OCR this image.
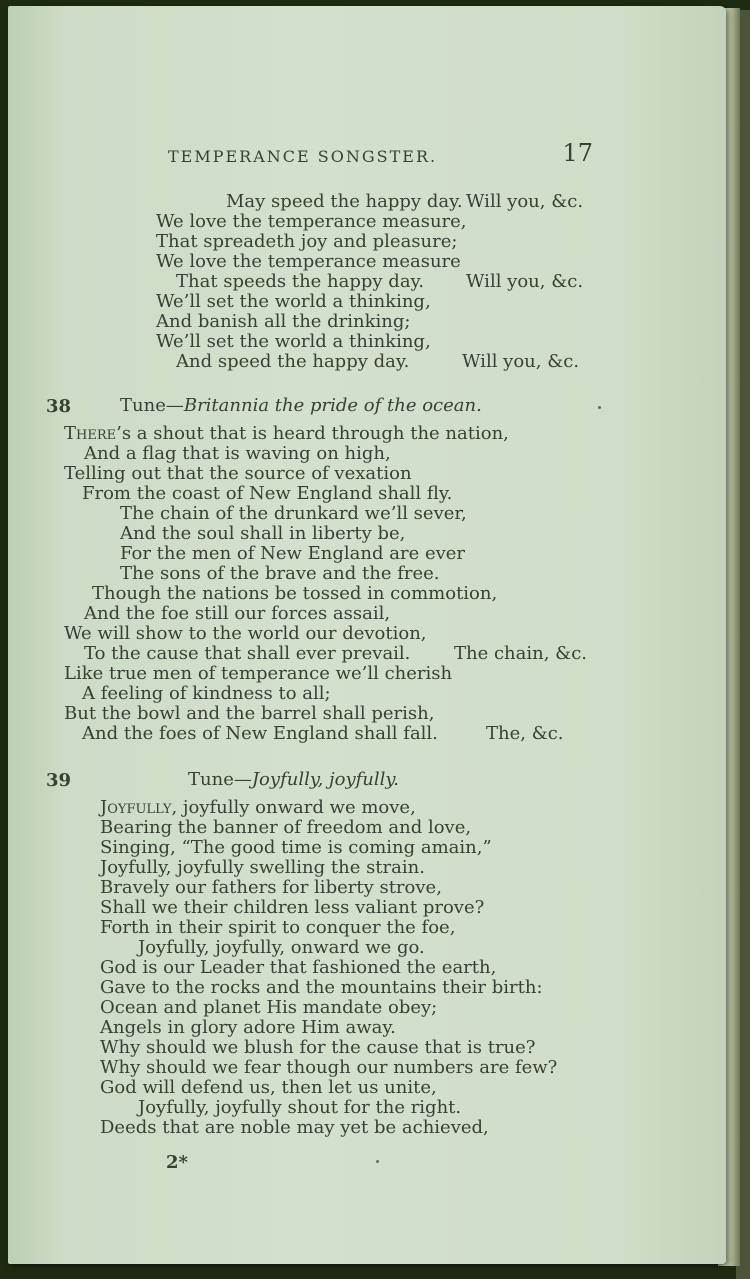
TEMPERANCE SONGSTER.	17
May speed the happy day. Will you, &c.
We love the temperance measure,
That spreadeth joy and pleasure;
We love the temperance measure
That speeds the happy day. Will you, &c.
We’ll set the world a thinking,
And banish all the drinking;
We’ll set the world a thinking,
And speed the happy day.	Will you, &c.
38	Tune—Britannia the pride of the ocean.
There’s a shout that is heard through the nation,
And a flag that is waving on high,
Telling out that the source of vexation
From the coast of New England shall fly.
The chain of the drunkard we’ll sever,
And the soul shall in liberty be,
For the men of New England are ever
The sons of the brave and the free.
Though the nations be tossed in commotion,
And the foe still our forces assail,
We will show to the world our devotion,
To the cause that shall ever prevail. The chain, &c.
Like true men of temperance we’ll cherish
A feeling of kindness to all;
But the bowl and the barrel shall perish,
And the foes of New England shall fall.	The, &c.
39	Tune—Joyfully, joyfully.
Joyfully, joyfully onward we move,
Bearing the banner of freedom and love,
Singing, “The good time is coming amain,”
Joyfully, joyfully swelling the strain.
Bravely our fathers for liberty strove,
Shall we their children less valiant prove?
Forth in their spirit to conquer the foe,
Joyfully, joyfully, onward we go.
God is our Leader that fashioned the earth,
Gave to the rocks and the mountains their birth:
Ocean and planet His mandate obey;
Angels in glory adore Him away.
Why should we blush for the cause that is true?
Why should we fear though our numbers are few?
God will defend us, then let us unite,
Joyfully, joyfully shout for the right.
Deeds that are noble may yet be achieved,
2*
